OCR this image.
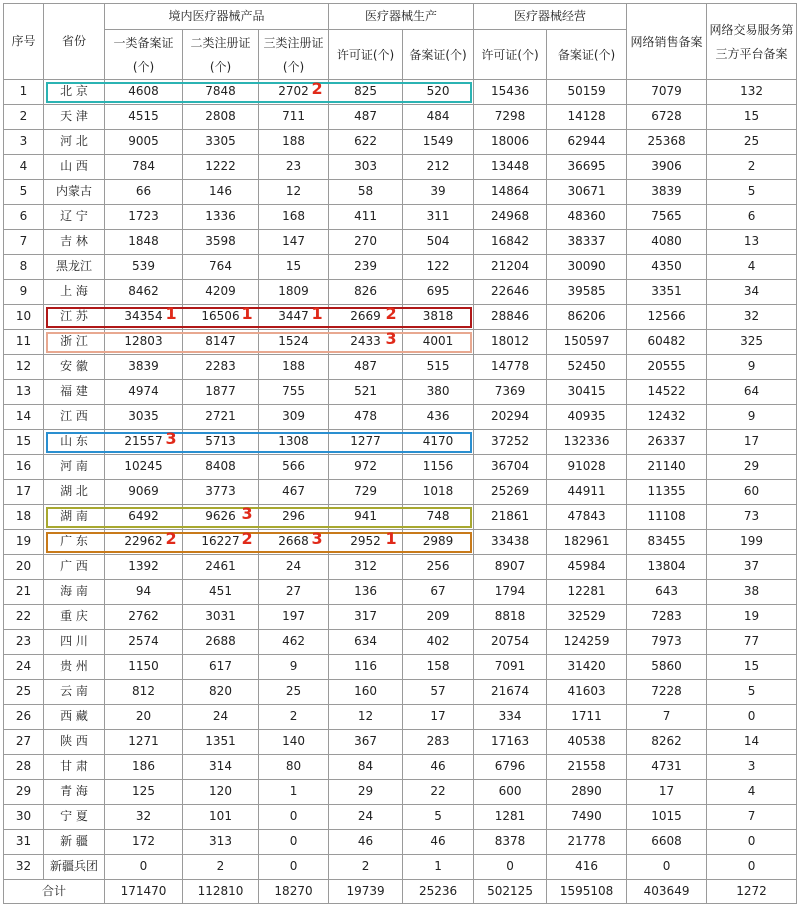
序号	省份	境内医疗器械产品			医疗器械生产		医疗器械经营		网络销售备案	网络交易服务第三方平台备案
		一类备案证(个)	二类注册证(个)	三类注册证(个)	许可证(个)	备案证(个)	许可证(个)	备案证(个)		
1	北 京	4608	7848	2702	825	520	15436	50159	7079	132
2	天 津	4515	2808	711	487	484	7298	14128	6728	15
3	河 北	9005	3305	188	622	1549	18006	62944	25368	25
4	山 西	784	1222	23	303	212	13448	36695	3906	2
5	内蒙古	66	146	12	58	39	14864	30671	3839	5
6	辽 宁	1723	1336	168	411	311	24968	48360	7565	6
7	吉 林	1848	3598	147	270	504	16842	38337	4080	13
8	黑龙江	539	764	15	239	122	21204	30090	4350	4
9	上 海	8462	4209	1809	826	695	22646	39585	3351	34
10	江 苏	34354	16506	3447	2669	3818	28846	86206	12566	32
11	浙 江	12803	8147	1524	2433	4001	18012	150597	60482	325
12	安 徽	3839	2283	188	487	515	14778	52450	20555	9
13	福 建	4974	1877	755	521	380	7369	30415	14522	64
14	江 西	3035	2721	309	478	436	20294	40935	12432	9
15	山 东	21557	5713	1308	1277	4170	37252	132336	26337	17
16	河 南	10245	8408	566	972	1156	36704	91028	21140	29
17	湖 北	9069	3773	467	729	1018	25269	44911	11355	60
18	湖 南	6492	9626	296	941	748	21861	47843	11108	73
19	广 东	22962	16227	2668	2952	2989	33438	182961	83455	199
20	广 西	1392	2461	24	312	256	8907	45984	13804	37
21	海 南	94	451	27	136	67	1794	12281	643	38
22	重 庆	2762	3031	197	317	209	8818	32529	7283	19
23	四 川	2574	2688	462	634	402	20754	124259	7973	77
24	贵 州	1150	617	9	116	158	7091	31420	5860	15
25	云 南	812	820	25	160	57	21674	41603	7228	5
26	西 藏	20	24	2	12	17	334	1711	7	0
27	陕 西	1271	1351	140	367	283	17163	40538	8262	14
28	甘 肃	186	314	80	84	46	6796	21558	4731	3
29	青 海	125	120	1	29	22	600	2890	17	4
30	宁 夏	32	101	0	24	5	1281	7490	1015	7
31	新 疆	172	313	0	46	46	8378	21778	6608	0
32	新疆兵团	0	2	0	2	1	0	416	0	0
合计		171470	112810	18270	19739	25236	502125	1595108	403649	1272
2
1	1	1	2
3
3
3
2	2	3	1
